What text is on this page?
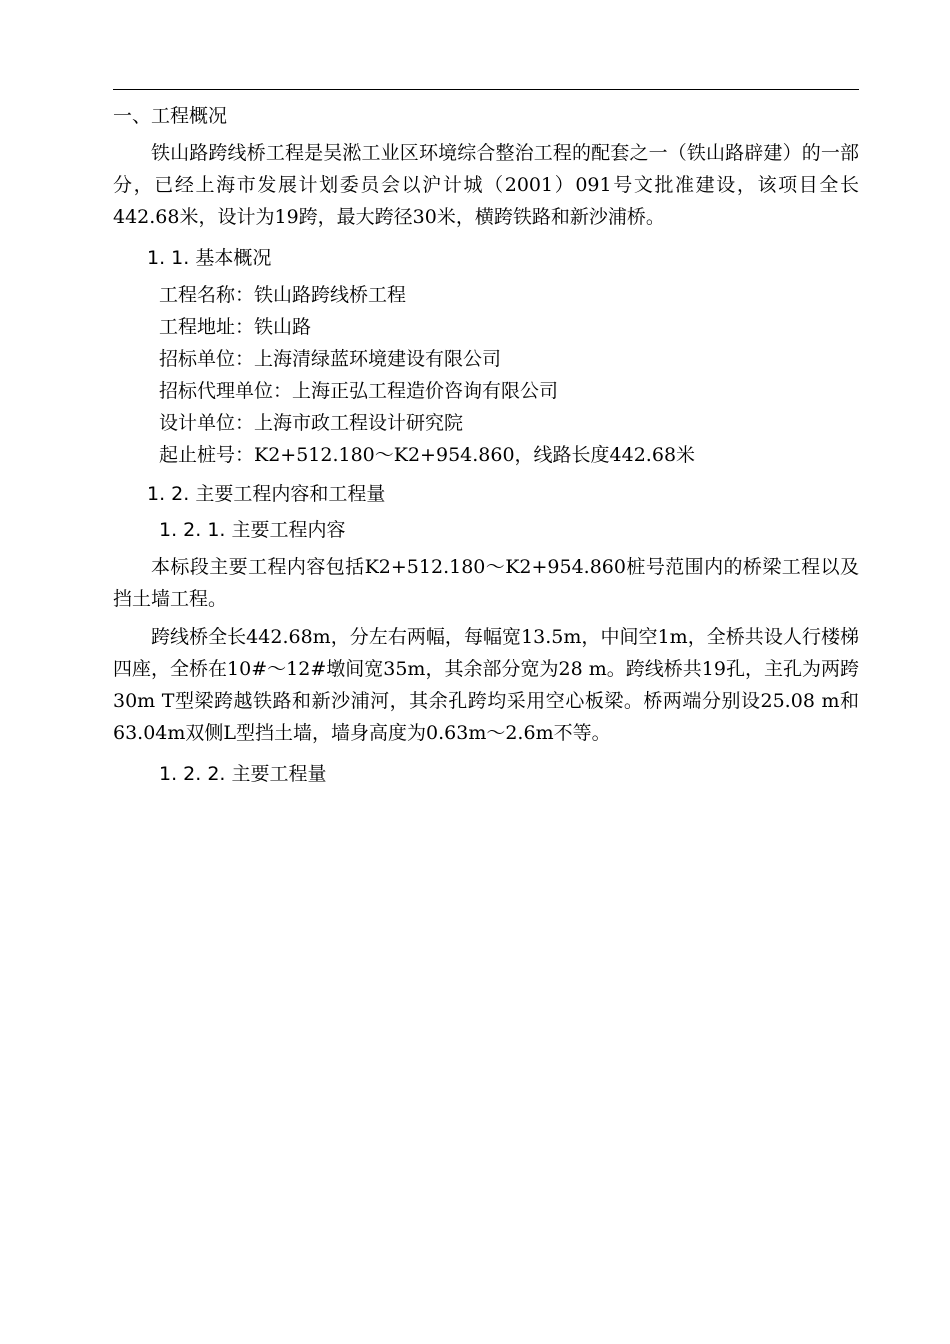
一、工程概况

铁山路跨线桥工程是吴淞工业区环境综合整治工程的配套之一（铁山路辟建）的一部分，已经上海市发展计划委员会以沪计城（2001）091号文批准建设，该项目全长442.68米，设计为19跨，最大跨径30米，横跨铁路和新沙浦桥。

1. 1. 基本概况
工程名称：铁山路跨线桥工程
工程地址：铁山路
招标单位：上海清绿蓝环境建设有限公司
招标代理单位：上海正弘工程造价咨询有限公司
设计单位：上海市政工程设计研究院
起止桩号：K2+512.180～K2+954.860，线路长度442.68米
1. 2. 主要工程内容和工程量
1. 2. 1. 主要工程内容

本标段主要工程内容包括K2+512.180～K2+954.860桩号范围内的桥梁工程以及挡土墙工程。

跨线桥全长442.68m，分左右两幅，每幅宽13.5m，中间空1m，全桥共设人行楼梯四座，全桥在10#～12#墩间宽35m，其余部分宽为28 m。跨线桥共19孔，主孔为两跨30m T型梁跨越铁路和新沙浦河，其余孔跨均采用空心板梁。桥两端分别设25.08 m和63.04m双侧L型挡土墙，墙身高度为0.63m～2.6m不等。

1. 2. 2. 主要工程量
